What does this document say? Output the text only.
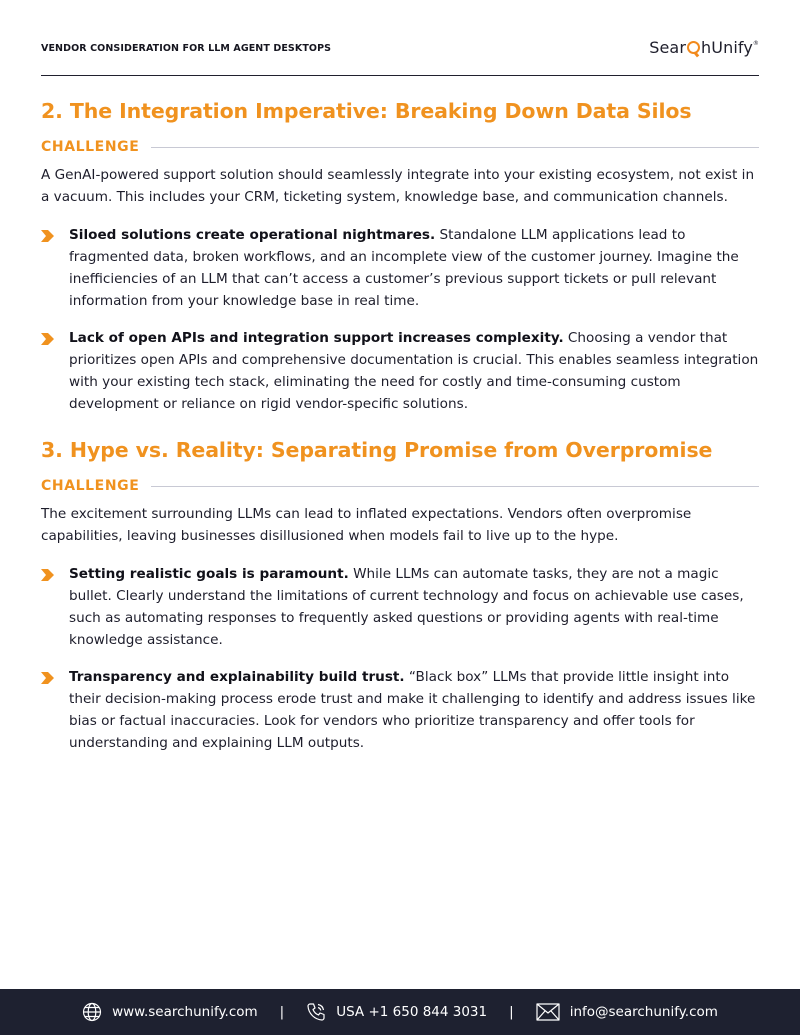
VENDOR CONSIDERATION FOR LLM AGENT DESKTOPS	Sear hUnify®
2. The Integration Imperative: Breaking Down Data Silos
CHALLENGE

A GenAI-powered support solution should seamlessly integrate into your existing ecosystem, not exist in a vacuum. This includes your CRM, ticketing system, knowledge base, and communication channels.

Siloed solutions create operational nightmares. Standalone LLM applications lead to fragmented data, broken workflows, and an incomplete view of the customer journey. Imagine the inefficiencies of an LLM that can’t access a customer’s previous support tickets or pull relevant information from your knowledge base in real time.
Lack of open APIs and integration support increases complexity. Choosing a vendor that prioritizes open APIs and comprehensive documentation is crucial. This enables seamless integration with your existing tech stack, eliminating the need for costly and time-consuming custom development or reliance on rigid vendor-specific solutions.
3. Hype vs. Reality: Separating Promise from Overpromise
CHALLENGE

The excitement surrounding LLMs can lead to inflated expectations. Vendors often overpromise capabilities, leaving businesses disillusioned when models fail to live up to the hype.

Setting realistic goals is paramount. While LLMs can automate tasks, they are not a magic bullet. Clearly understand the limitations of current technology and focus on achievable use cases, such as automating responses to frequently asked questions or providing agents with real-time knowledge assistance.
Transparency and explainability build trust. “Black box” LLMs that provide little insight into their decision-making process erode trust and make it challenging to identify and address issues like bias or factual inaccuracies. Look for vendors who prioritize transparency and offer tools for understanding and explaining LLM outputs.
www.searchunify.com |	USA +1 650 844 3031 |	info@searchunify.com
